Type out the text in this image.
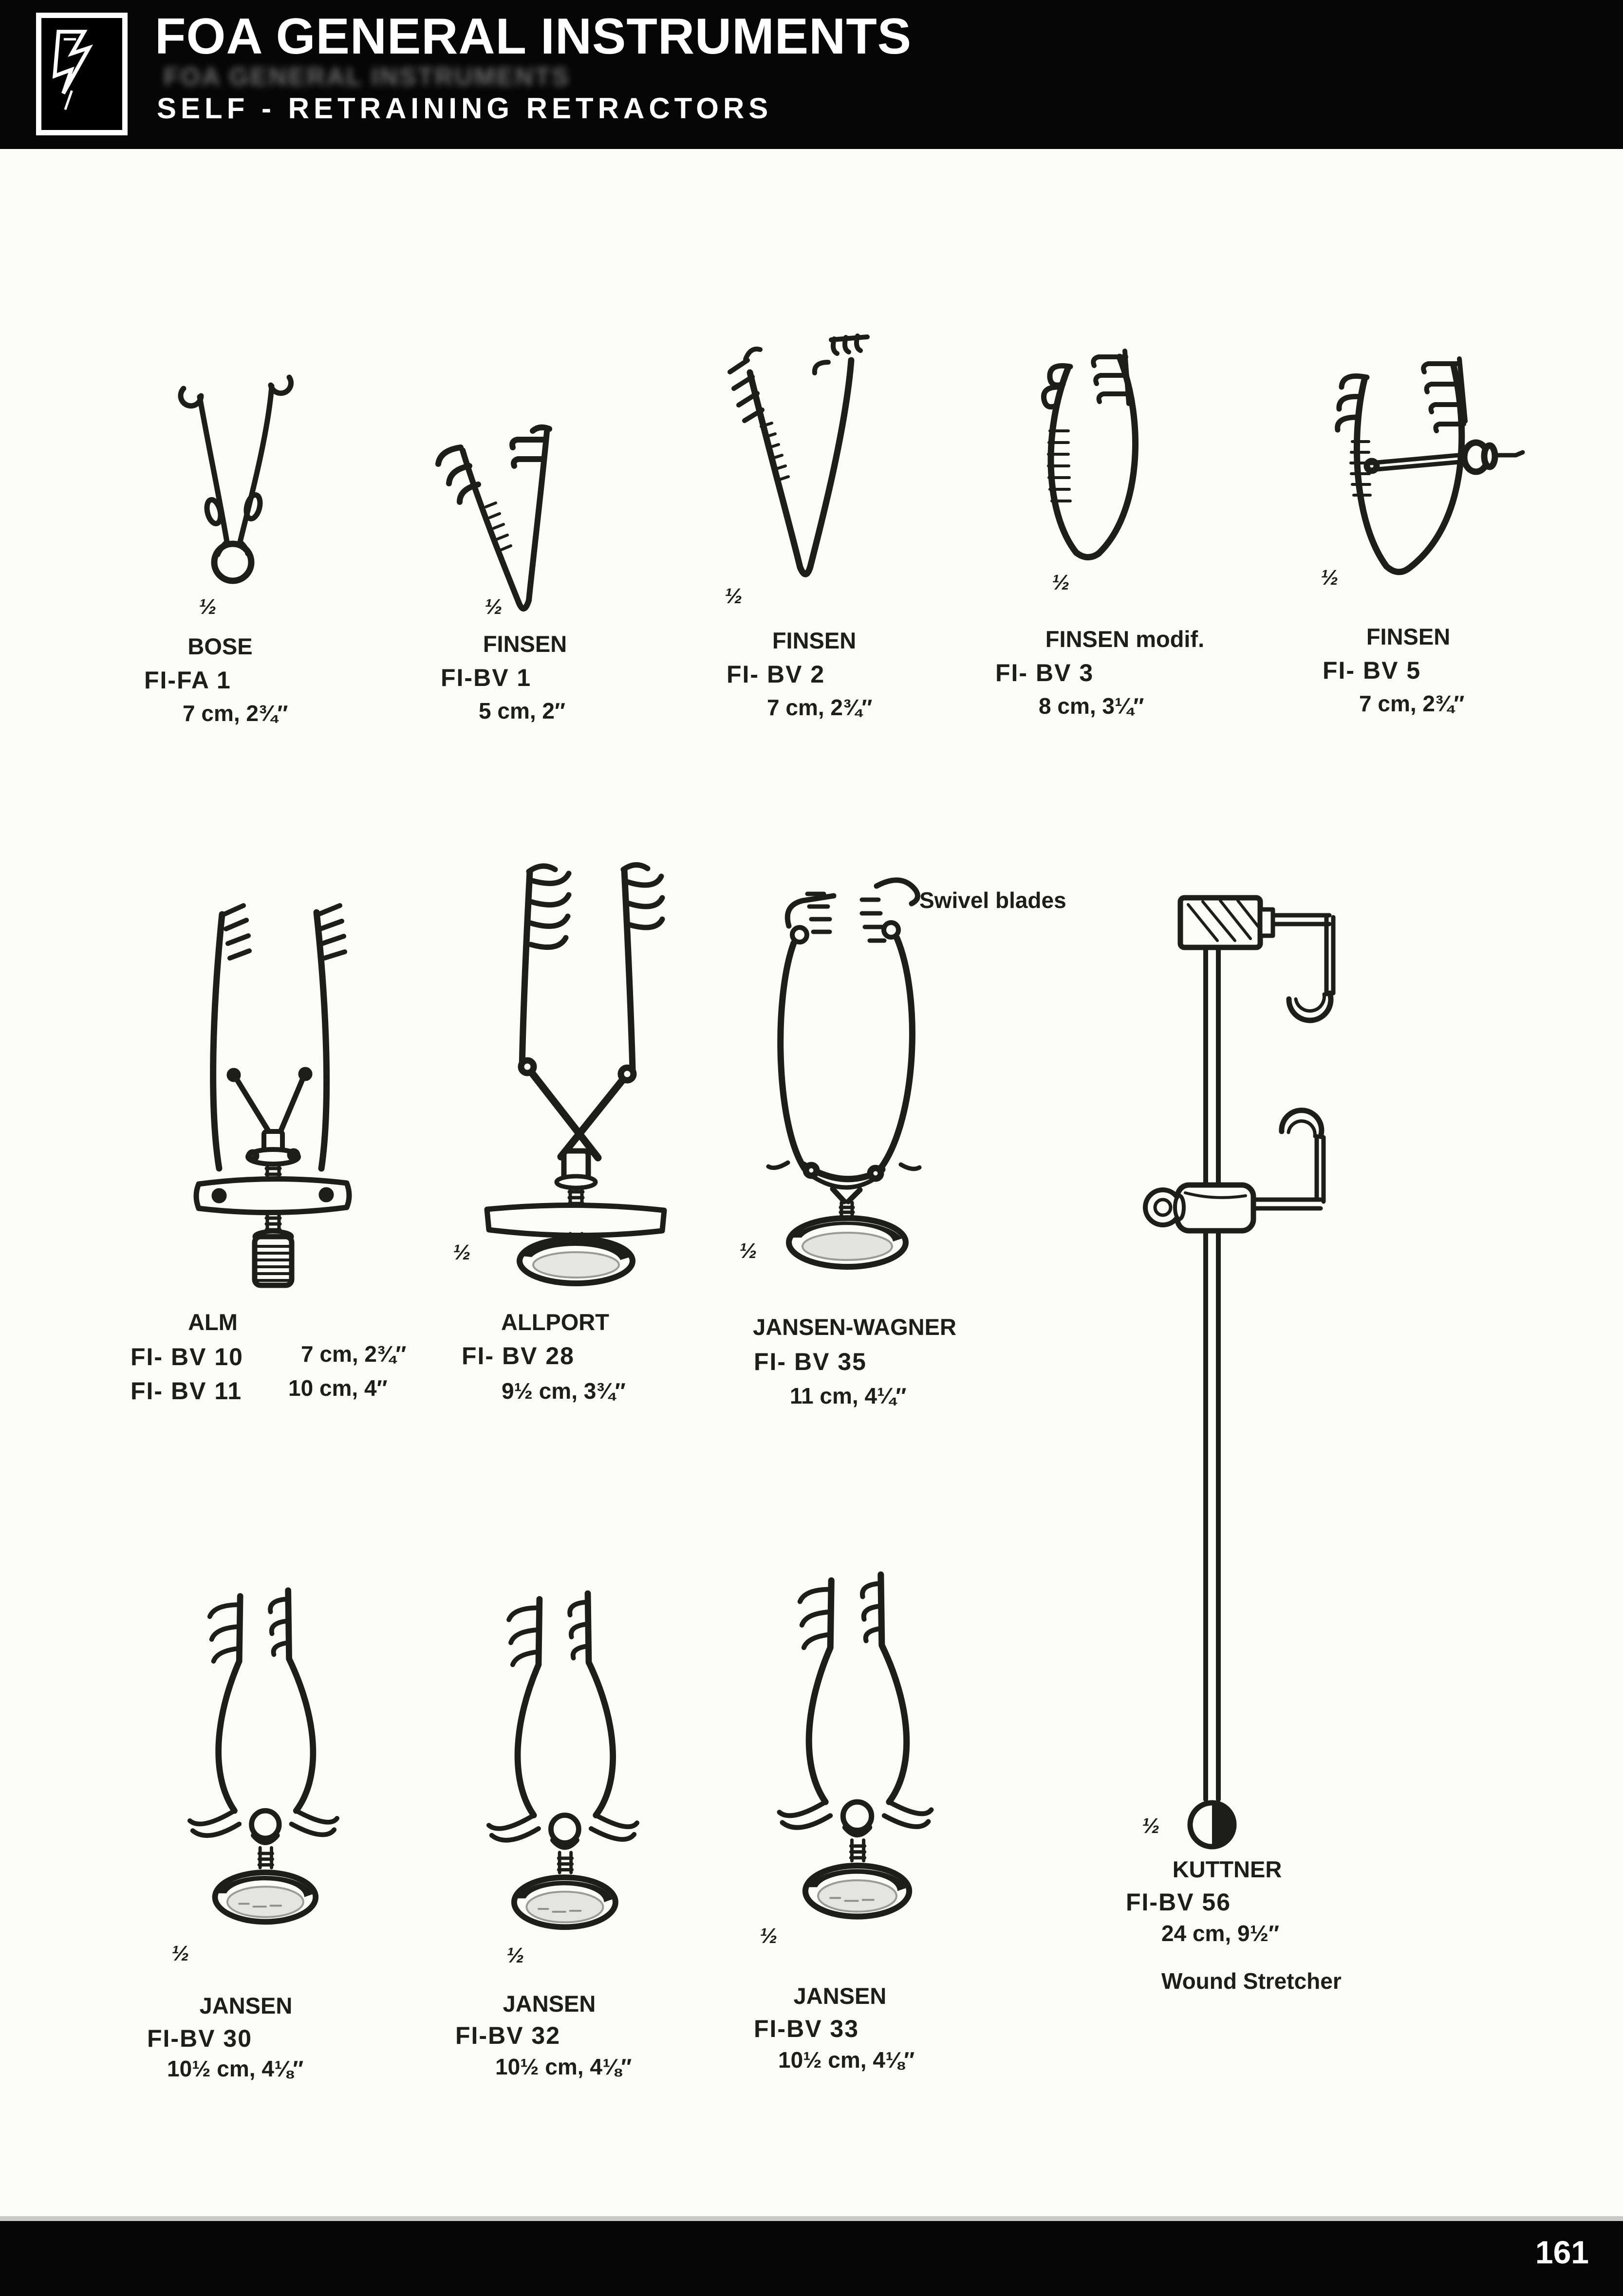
FOA GENERAL INSTRUMENTS
FOA GENERAL INSTRUMENTS
SELF - RETRAINING RETRACTORS
½	½	½
½	½
½	½
½	½
½
½
Swivel blades
BOSE
FI-FA 1
7 cm, 2¾″
FINSEN
FI-BV 1
5 cm, 2″
FINSEN
FI- BV 2
7 cm, 2¾″
FINSEN modif.
FI- BV 3
8 cm, 3¼″
FINSEN
FI- BV 5
7 cm, 2¾″
ALM
FI- BV 10	7 cm, 2¾″
FI- BV 11 10 cm, 4″
ALLPORT
FI- BV 28
9½ cm, 3¾″
JANSEN-WAGNER
FI- BV 35
11 cm, 4¼″
JANSEN
FI-BV 30
10½ cm, 4⅛″
JANSEN
FI-BV 32
10½ cm, 4⅛″
JANSEN
FI-BV 33
10½ cm, 4⅛″
KUTTNER
FI-BV 56
24 cm, 9½″
Wound Stretcher
161
